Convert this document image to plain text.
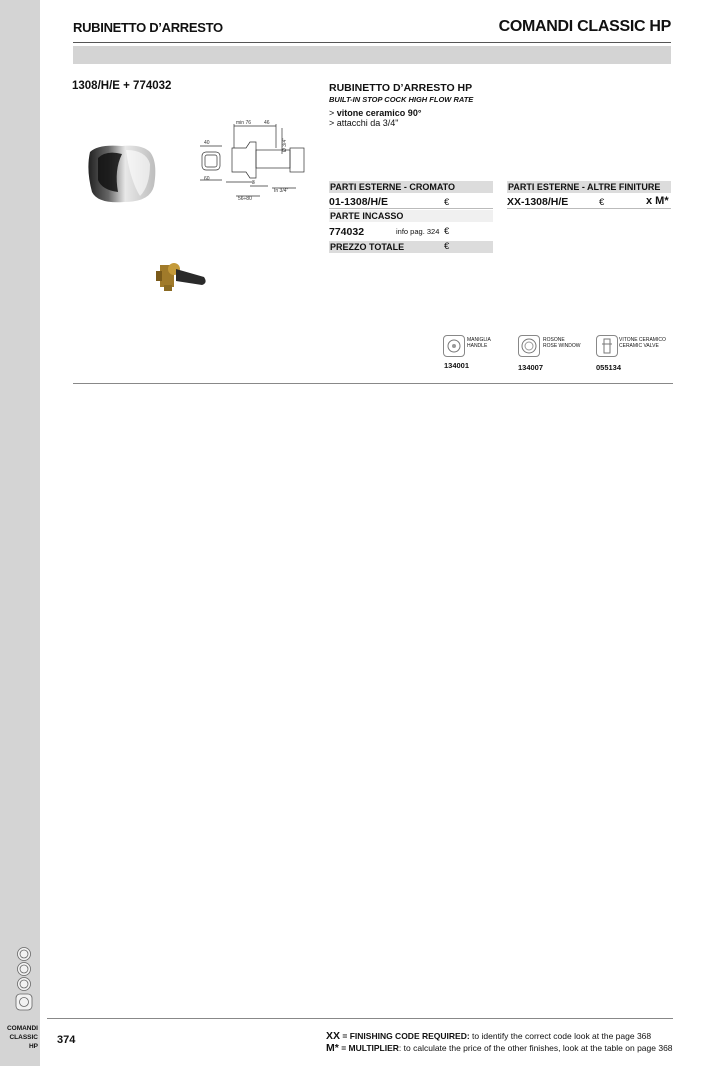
RUBINETTO D’ARRESTO	COMANDI CLASSIC HP
1308/H/E + 774032
min 76	46
40
60
3
56÷80
In 3/4"
Ø 3/4"
RUBINETTO D’ARRESTO HP
BUILT-IN STOP COCK HIGH FLOW RATE
> vitone ceramico 90°
> attacchi da 3/4"
PARTI ESTERNE - CROMATO
01-1308/H/E	€
PARTE INCASSO
774032	info pag. 324 €
PREZZO TOTALE	€
PARTI ESTERNE - ALTRE FINITURE
XX-1308/H/E	€	x M*
MANIGLIA
HANDLE
134001
ROSONE
ROSE WINDOW
134007
VITONE CERAMICO
CERAMIC VALVE
055134
COMANDI
CLASSIC
HP
374	XX = FINISHING CODE REQUIRED: to identify the correct code look at the page 368
M* = MULTIPLIER: to calculate the price of the other finishes, look at the table on page 368
